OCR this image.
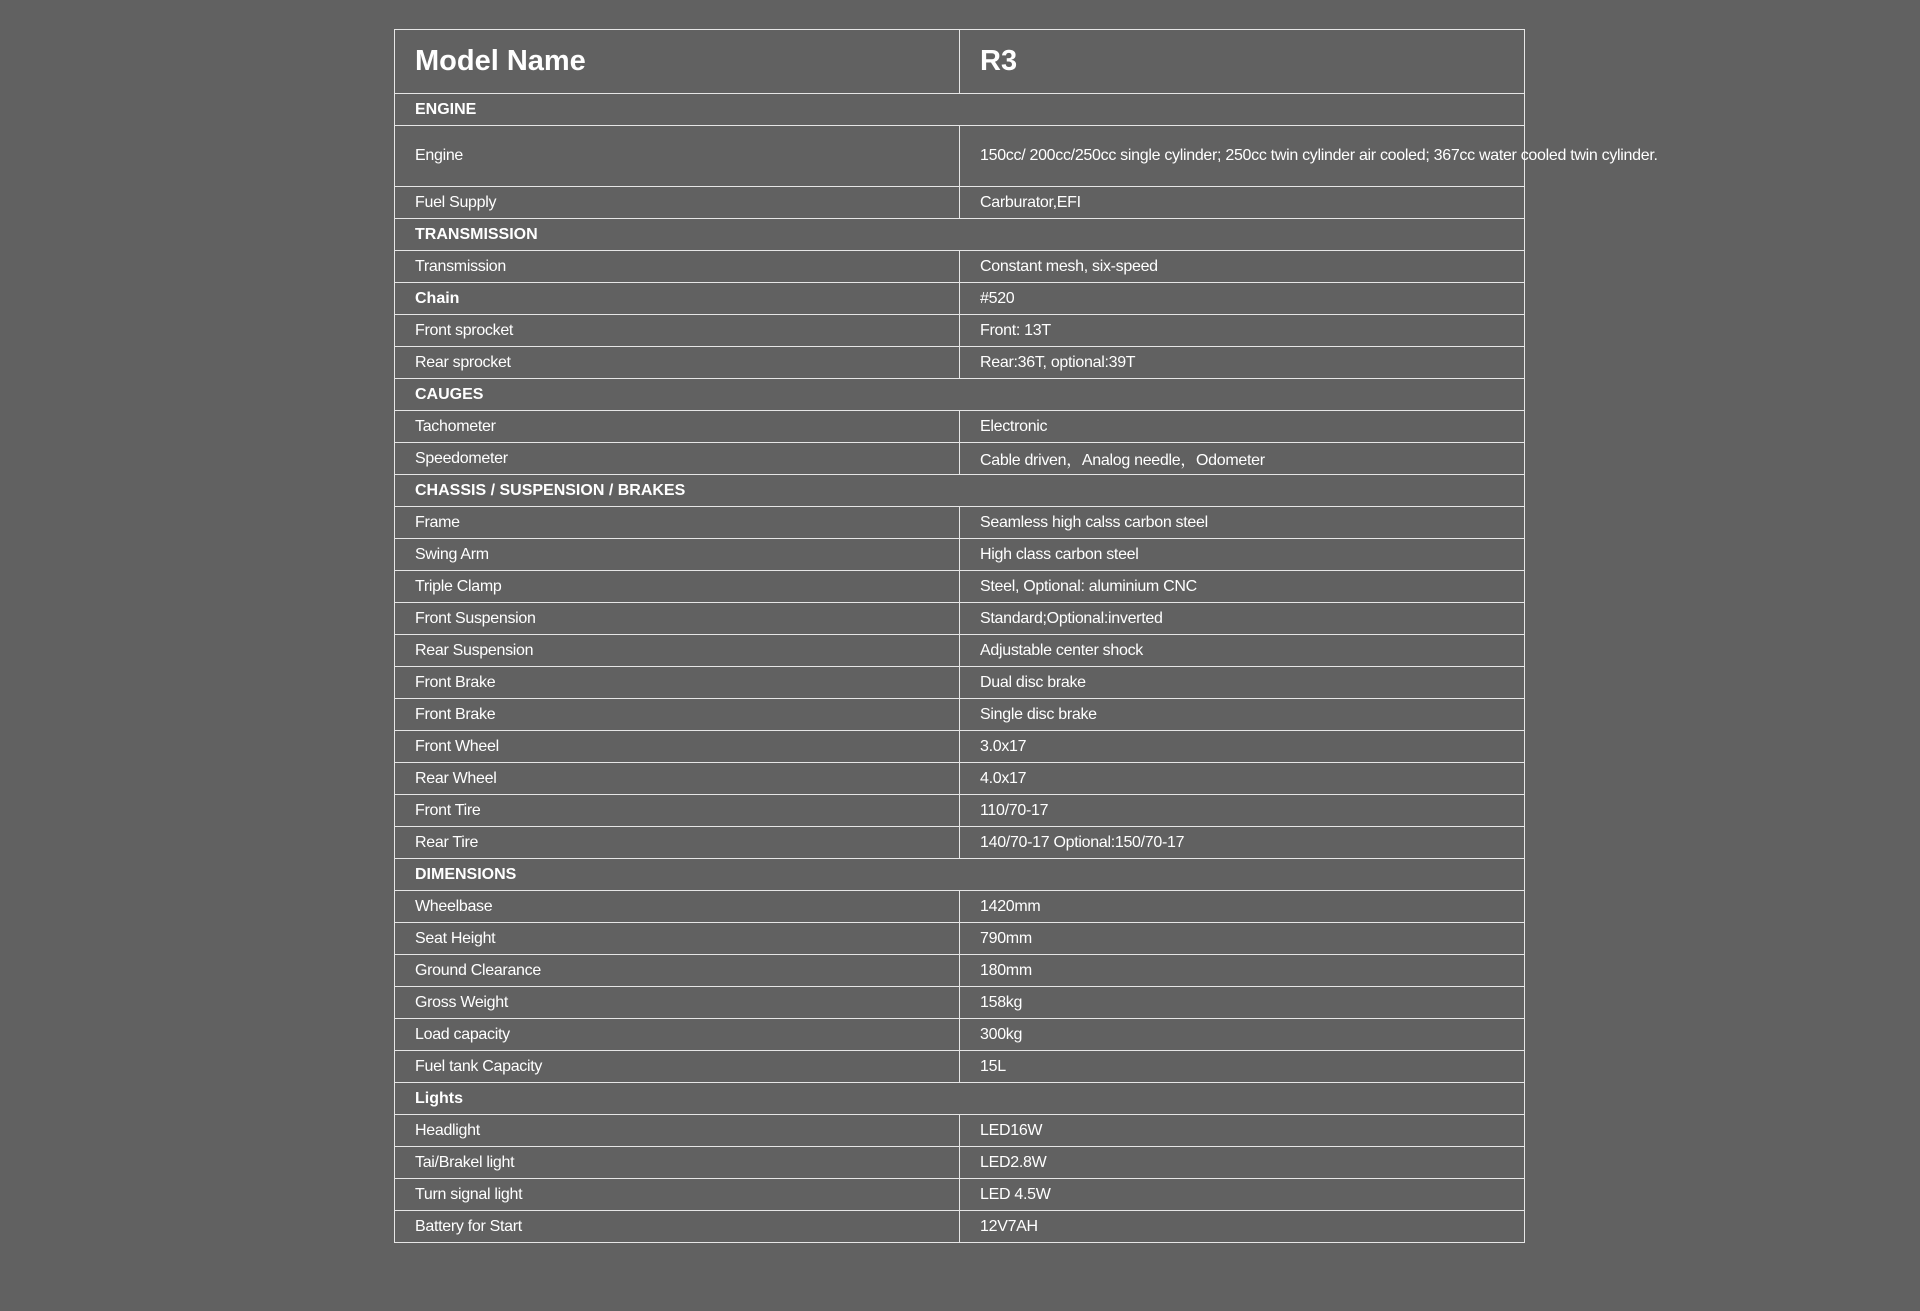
Model Name	R3
ENGINE	
Engine	150cc/ 200cc/250cc single cylinder; 250cc twin cylinder air cooled; 367cc water cooled twin cylinder.
Fuel Supply	Carburator,EFI
TRANSMISSION	
Transmission	Constant mesh, six-speed
Chain	#520
Front sprocket	Front: 13T
Rear sprocket	Rear:36T, optional:39T
CAUGES	
Tachometer	Electronic
Speedometer	Cable driven，Analog needle，Odometer
CHASSIS / SUSPENSION / BRAKES	
Frame	Seamless high calss carbon steel
Swing Arm	High class carbon steel
Triple Clamp	Steel, Optional: aluminium CNC
Front Suspension	Standard;Optional:inverted
Rear Suspension	Adjustable center shock
Front Brake	Dual disc brake
Front Brake	Single disc brake
Front Wheel	3.0x17
Rear Wheel	4.0x17
Front Tire	110/70-17
Rear Tire	140/70-17 Optional:150/70-17
DIMENSIONS	
Wheelbase	1420mm
Seat Height	790mm
Ground Clearance	180mm
Gross Weight	158kg
Load capacity	300kg
Fuel tank Capacity	15L
Lights	
Headlight	LED16W
Tai/Brakel light	LED2.8W
Turn signal light	LED 4.5W
Battery for Start	12V7AH
